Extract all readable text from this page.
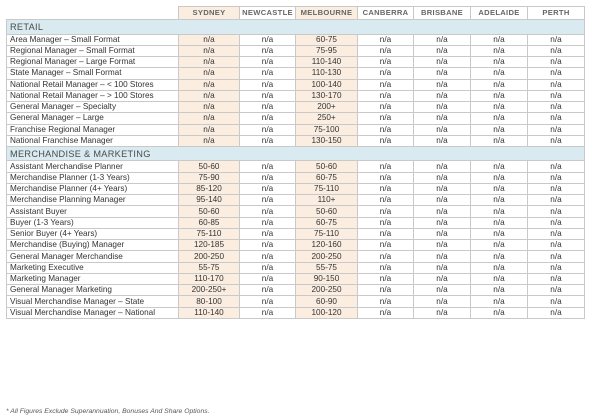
	SYDNEY	NEWCASTLE	MELBOURNE	CANBERRA	BRISBANE	ADELAIDE	PERTH
RETAIL							
Area Manager – Small Format	n/a	n/a	60-75	n/a	n/a	n/a	n/a
Regional Manager – Small Format	n/a	n/a	75-95	n/a	n/a	n/a	n/a
Regional Manager – Large Format	n/a	n/a	110-140	n/a	n/a	n/a	n/a
State Manager – Small Format	n/a	n/a	110-130	n/a	n/a	n/a	n/a
National Retail Manager – < 100 Stores	n/a	n/a	100-140	n/a	n/a	n/a	n/a
National Retail Manager – > 100 Stores	n/a	n/a	130-170	n/a	n/a	n/a	n/a
General Manager – Specialty	n/a	n/a	200+	n/a	n/a	n/a	n/a
General Manager – Large	n/a	n/a	250+	n/a	n/a	n/a	n/a
Franchise Regional Manager	n/a	n/a	75-100	n/a	n/a	n/a	n/a
National Franchise Manager	n/a	n/a	130-150	n/a	n/a	n/a	n/a
MERCHANDISE & MARKETING							
Assistant Merchandise Planner	50-60	n/a	50-60	n/a	n/a	n/a	n/a
Merchandise Planner (1-3 Years)	75-90	n/a	60-75	n/a	n/a	n/a	n/a
Merchandise Planner (4+ Years)	85-120	n/a	75-110	n/a	n/a	n/a	n/a
Merchandise Planning Manager	95-140	n/a	110+	n/a	n/a	n/a	n/a
Assistant Buyer	50-60	n/a	50-60	n/a	n/a	n/a	n/a
Buyer (1-3 Years)	60-85	n/a	60-75	n/a	n/a	n/a	n/a
Senior Buyer (4+ Years)	75-110	n/a	75-110	n/a	n/a	n/a	n/a
Merchandise (Buying) Manager	120-185	n/a	120-160	n/a	n/a	n/a	n/a
General Manager Merchandise	200-250	n/a	200-250	n/a	n/a	n/a	n/a
Marketing Executive	55-75	n/a	55-75	n/a	n/a	n/a	n/a
Marketing Manager	110-170	n/a	90-150	n/a	n/a	n/a	n/a
General Manager Marketing	200-250+	n/a	200-250	n/a	n/a	n/a	n/a
Visual Merchandise Manager – State	80-100	n/a	60-90	n/a	n/a	n/a	n/a
Visual Merchandise Manager – National	110-140	n/a	100-120	n/a	n/a	n/a	n/a
* All Figures Exclude Superannuation, Bonuses And Share Options.
